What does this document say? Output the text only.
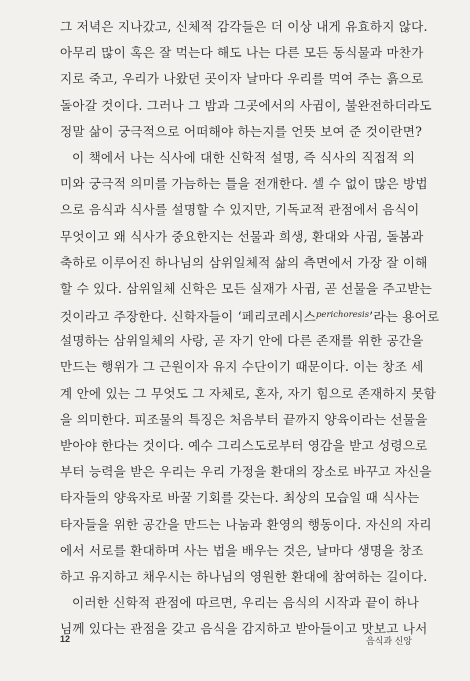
그 저녁은 지나갔고, 신체적 감각들은 더 이상 내게 유효하지 않다.
아무리 많이 혹은 잘 먹는다 해도 나는 다른 모든 동식물과 마찬가
지로 죽고, 우리가 나왔던 곳이자 날마다 우리를 먹여 주는 흙으로
돌아갈 것이다. 그러나 그 밤과 그곳에서의 사귐이, 불완전하더라도
정말 삶이 궁극적으로 어떠해야 하는지를 언뜻 보여 준 것이란면?
이 책에서 나는 식사에 대한 신학적 설명, 즉 식사의 직접적 의
미와 궁극적 의미를 가늠하는 틀을 전개한다. 셀 수 없이 많은 방법
으로 음식과 식사를 설명할 수 있지만, 기독교적 관점에서 음식이
무엇이고 왜 식사가 중요한지는 선물과 희생, 환대와 사귐, 돌봄과
축하로 이루어진 하나님의 삼위일체적 삶의 측면에서 가장 잘 이해
할 수 있다. 삼위일체 신학은 모든 실재가 사귐, 곧 선물을 주고받는
것이라고 주장한다. 신학자들이 ‘페리코레시스$^{perichoresis}$’라는 용어로
설명하는 삼위일체의 사랑, 곧 자기 안에 다른 존재를 위한 공간을
만드는 행위가 그 근원이자 유지 수단이기 때문이다. 이는 창조 세
계 안에 있는 그 무엇도 그 자체로, 혼자, 자기 힘으로 존재하지 못함
을 의미한다. 피조물의 특징은 처음부터 끝까지 양육이라는 선물을
받아야 한다는 것이다. 예수 그리스도로부터 영감을 받고 성령으로
부터 능력을 받은 우리는 우리 가정을 환대의 장소로 바꾸고 자신을
타자들의 양육자로 바꿀 기회를 갖는다. 최상의 모습일 때 식사는
타자들을 위한 공간을 만드는 나눔과 환영의 행동이다. 자신의 자리
에서 서로를 환대하며 사는 법을 배우는 것은, 날마다 생명을 창조
하고 유지하고 채우시는 하나님의 영원한 환대에 참여하는 길이다.
이러한 신학적 관점에 따르면, 우리는 음식의 시작과 끝이 하나
님께 있다는 관점을 갖고 음식을 감지하고 받아들이고 맛보고 나서
12	음식과 신앙
